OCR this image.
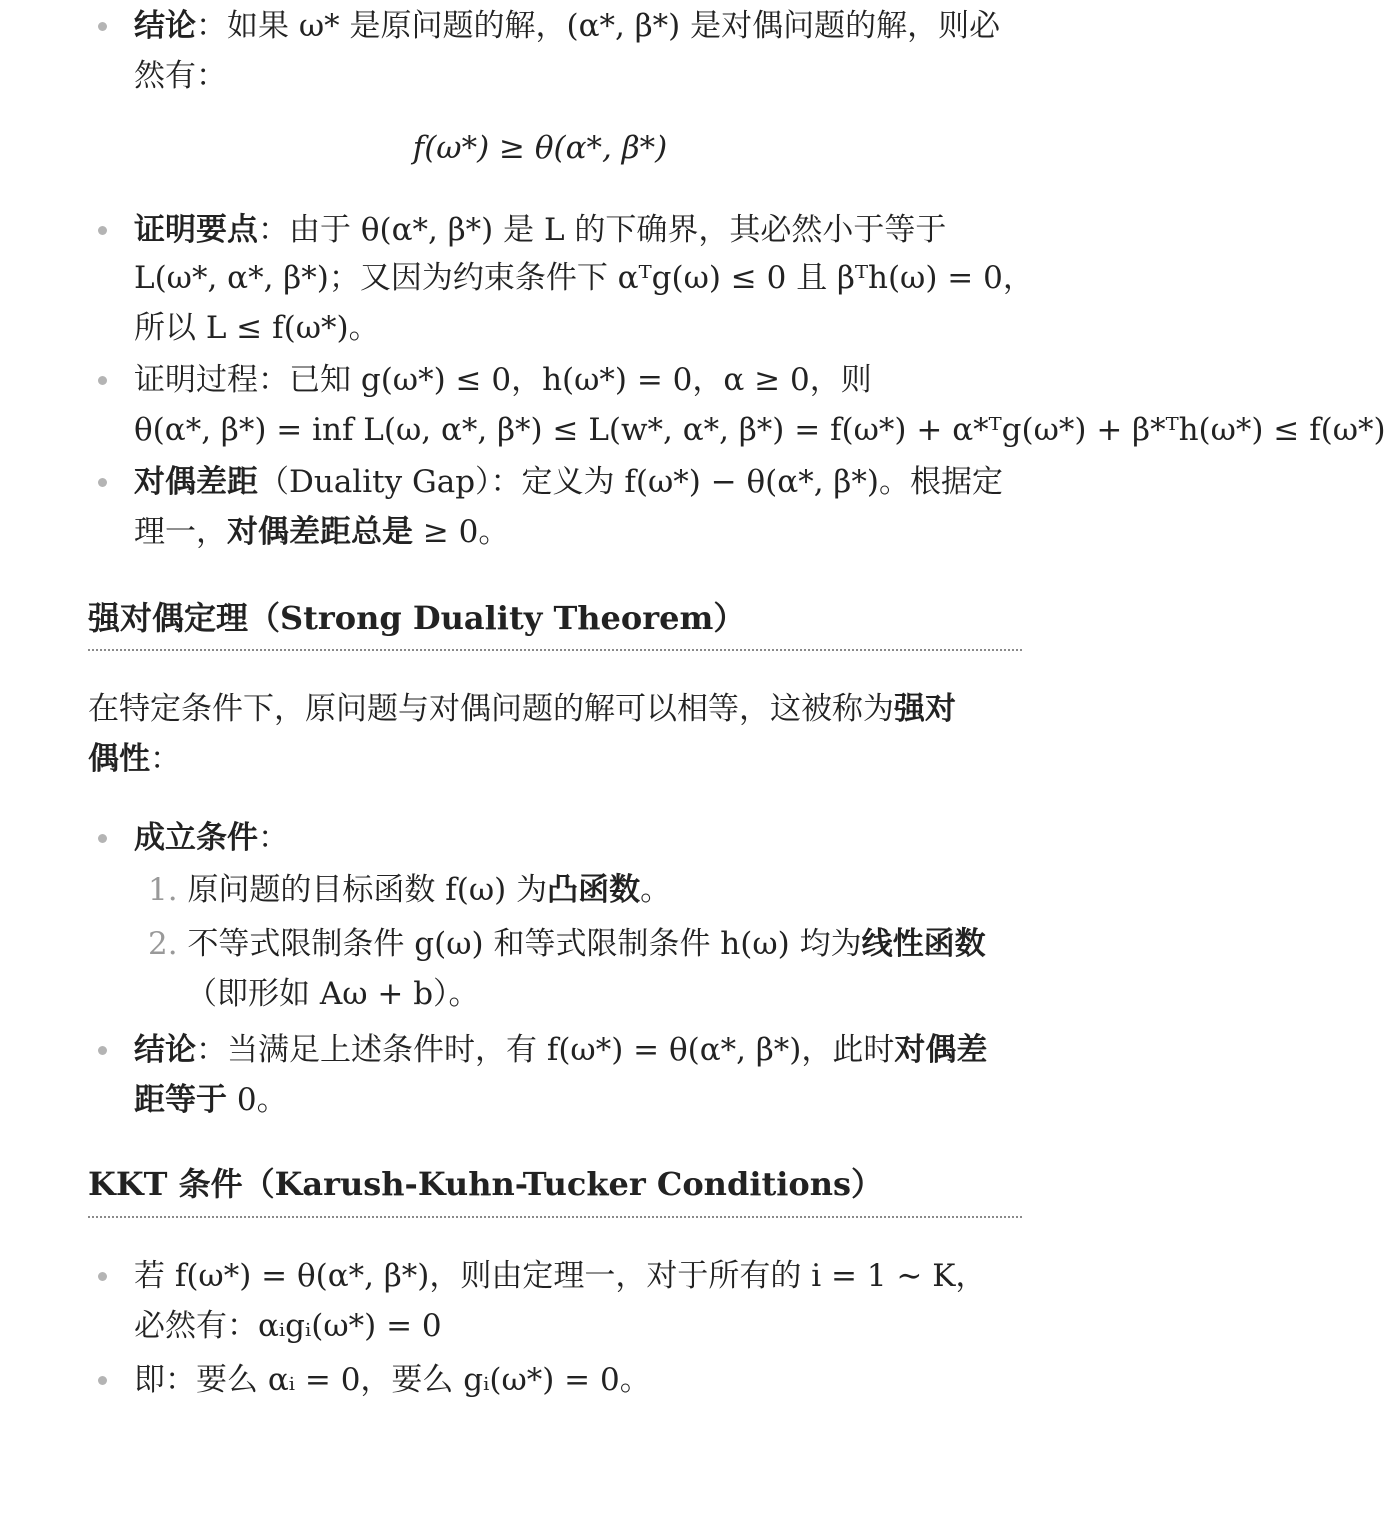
结论：如果 ω* 是原问题的解，(α*, β*) 是对偶问题的解，则必
然有：
f(ω*) ≥ θ(α*, β*)
证明要点：由于 θ(α*, β*) 是 L 的下确界，其必然小于等于
L(ω*, α*, β*)；又因为约束条件下 αᵀg(ω) ≤ 0 且 βᵀh(ω) = 0，
所以 L ≤ f(ω*)。
证明过程：已知 g(ω*) ≤ 0，h(ω*) = 0，α ≥ 0，则
θ(α*, β*) = inf L(ω, α*, β*) ≤ L(w*, α*, β*) = f(ω*) + α*ᵀg(ω*) + β*ᵀh(ω*) ≤ f(ω*)
对偶差距（Duality Gap）：定义为 f(ω*) − θ(α*, β*)。根据定
理一，对偶差距总是 ≥ 0。
强对偶定理（Strong Duality Theorem）
在特定条件下，原问题与对偶问题的解可以相等，这被称为强对
偶性：
成立条件：
1. 原问题的目标函数 f(ω) 为凸函数。
2. 不等式限制条件 g(ω) 和等式限制条件 h(ω) 均为线性函数
（即形如 Aω + b）。
结论：当满足上述条件时，有 f(ω*) = θ(α*, β*)，此时对偶差
距等于 0。
KKT 条件（Karush-Kuhn-Tucker Conditions）
若 f(ω*) = θ(α*, β*)，则由定理一，对于所有的 i = 1 ∼ K，
必然有：αᵢgᵢ(ω*) = 0
即：要么 αᵢ = 0，要么 gᵢ(ω*) = 0。
